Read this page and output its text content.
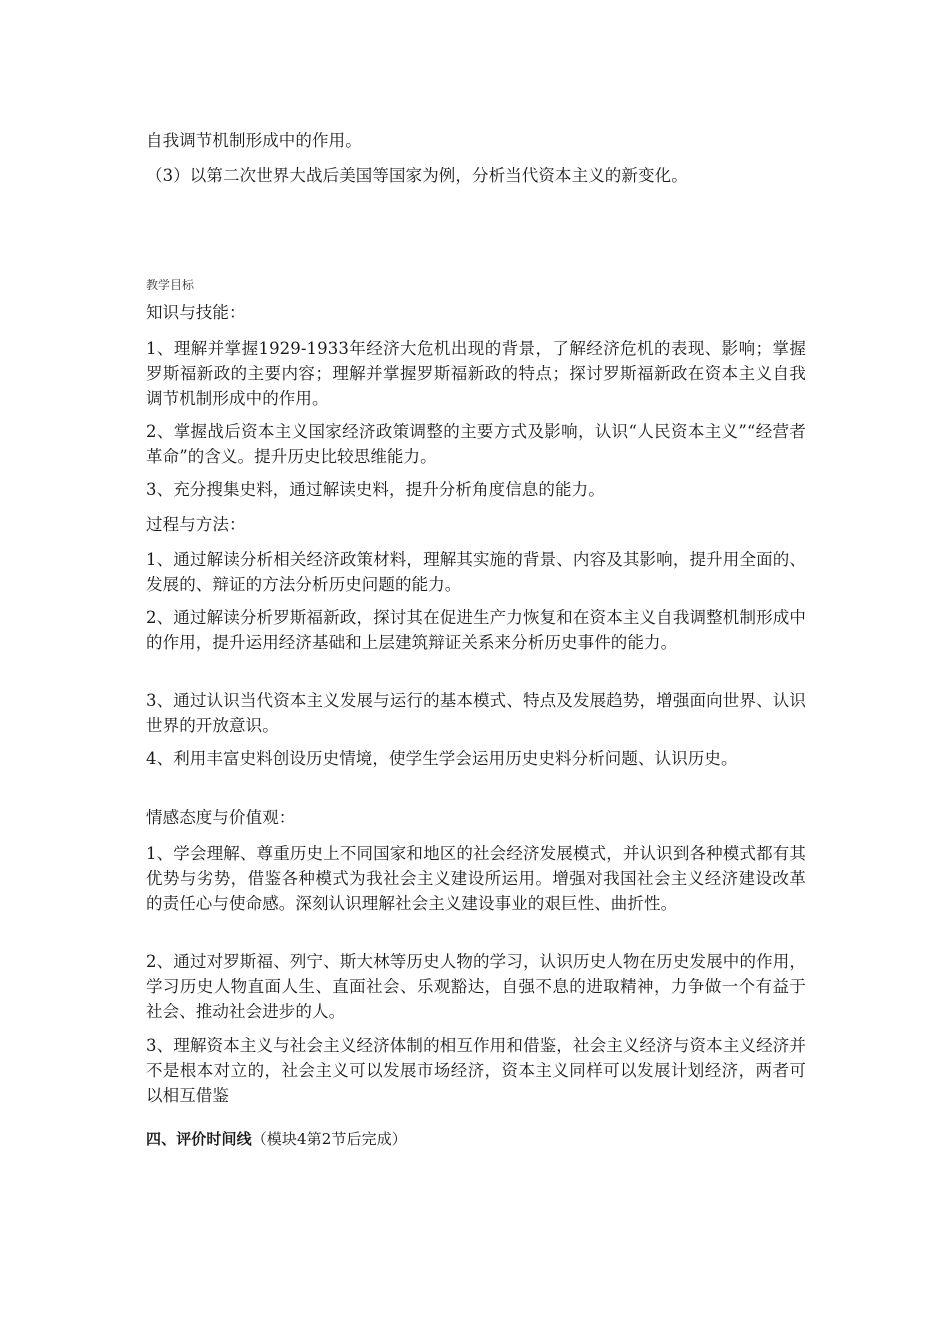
自我调节机制形成中的作用。

（3）以第二次世界大战后美国等国家为例，分析当代资本主义的新变化。

教学目标

知识与技能：

1、理解并掌握1929-1933年经济大危机出现的背景，了解经济危机的表现、影响；掌握罗斯福新政的主要内容；理解并掌握罗斯福新政的特点；探讨罗斯福新政在资本主义自我调节机制形成中的作用。

2、掌握战后资本主义国家经济政策调整的主要方式及影响，认识“人民资本主义”“经营者革命”的含义。提升历史比较思维能力。

3、充分搜集史料，通过解读史料，提升分析角度信息的能力。

过程与方法：

1、通过解读分析相关经济政策材料，理解其实施的背景、内容及其影响，提升用全面的、发展的、辩证的方法分析历史问题的能力。

2、通过解读分析罗斯福新政，探讨其在促进生产力恢复和在资本主义自我调整机制形成中的作用，提升运用经济基础和上层建筑辩证关系来分析历史事件的能力。

3、通过认识当代资本主义发展与运行的基本模式、特点及发展趋势，增强面向世界、认识世界的开放意识。

4、利用丰富史料创设历史情境，使学生学会运用历史史料分析问题、认识历史。

情感态度与价值观：

1、学会理解、尊重历史上不同国家和地区的社会经济发展模式，并认识到各种模式都有其优势与劣势，借鉴各种模式为我社会主义建设所运用。增强对我国社会主义经济建设改革的责任心与使命感。深刻认识理解社会主义建设事业的艰巨性、曲折性。

2、通过对罗斯福、列宁、斯大林等历史人物的学习，认识历史人物在历史发展中的作用，学习历史人物直面人生、直面社会、乐观豁达，自强不息的进取精神，力争做一个有益于社会、推动社会进步的人。

3、理解资本主义与社会主义经济体制的相互作用和借鉴，社会主义经济与资本主义经济并不是根本对立的，社会主义可以发展市场经济，资本主义同样可以发展计划经济，两者可以相互借鉴

四、评价时间线（模块4第2节后完成）
